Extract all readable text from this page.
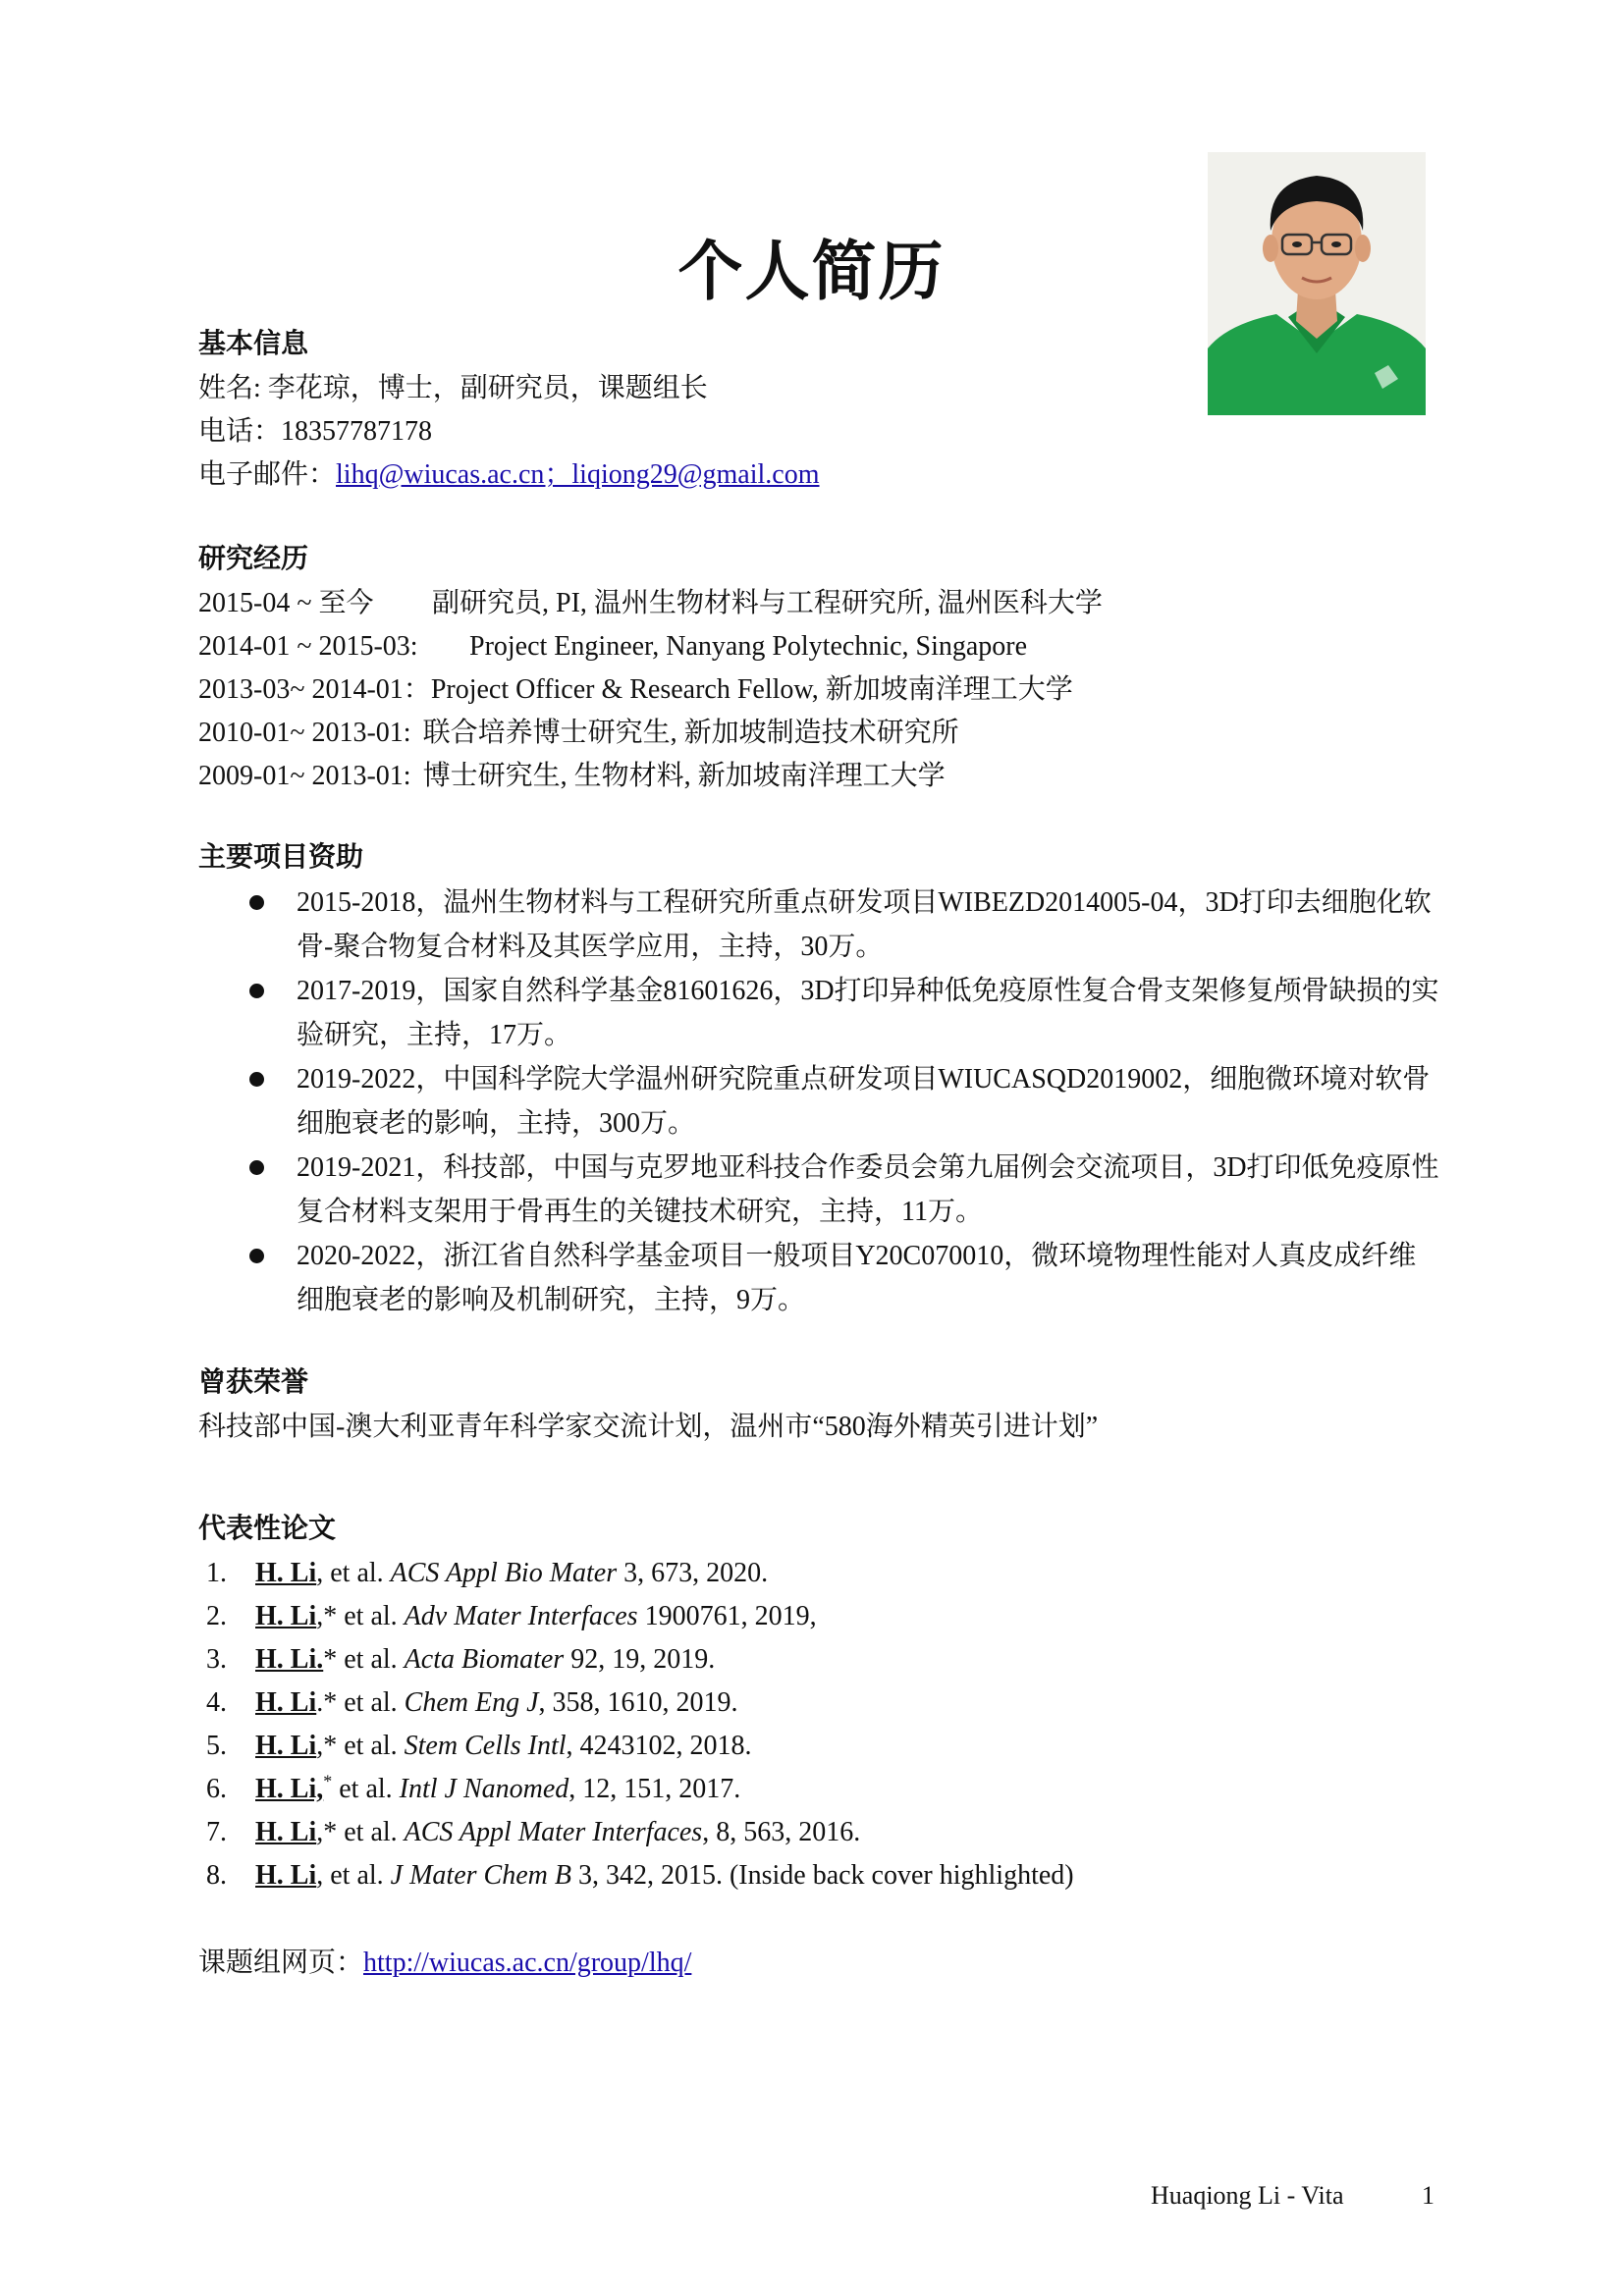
个人简历
基本信息
姓名: 李花琼，博士，副研究员，课题组长
电话：18357787178
电子邮件：lihq@wiucas.ac.cn；liqiong29@gmail.com
研究经历
2015-04 ~ 至今	副研究员, PI, 温州生物材料与工程研究所, 温州医科大学
2014-01 ~ 2015-03:	Project Engineer, Nanyang Polytechnic, Singapore
2013-03~ 2014-01： Project Officer & Research Fellow, 新加坡南洋理工大学
2010-01~ 2013-01: 联合培养博士研究生, 新加坡制造技术研究所
2009-01~ 2013-01: 博士研究生, 生物材料, 新加坡南洋理工大学
主要项目资助
2015-2018，温州生物材料与工程研究所重点研发项目WIBEZD2014005-04，3D打印去细胞化软骨-聚合物复合材料及其医学应用，主持，30万。
2017-2019，国家自然科学基金81601626，3D打印异种低免疫原性复合骨支架修复颅骨缺损的实验研究，主持，17万。
2019-2022，中国科学院大学温州研究院重点研发项目WIUCASQD2019002，细胞微环境对软骨细胞衰老的影响，主持，300万。
2019-2021，科技部，中国与克罗地亚科技合作委员会第九届例会交流项目，3D打印低免疫原性复合材料支架用于骨再生的关键技术研究，主持，11万。
2020-2022，浙江省自然科学基金项目一般项目Y20C070010，微环境物理性能对人真皮成纤维细胞衰老的影响及机制研究，主持，9万。
曾获荣誉
科技部中国-澳大利亚青年科学家交流计划，温州市“580海外精英引进计划”
代表性论文
1. H. Li, et al. ACS Appl Bio Mater 3, 673, 2020.
2. H. Li,* et al. Adv Mater Interfaces 1900761, 2019,
3. H. Li.* et al. Acta Biomater 92, 19, 2019.
4. H. Li.* et al. Chem Eng J, 358, 1610, 2019.
5. H. Li,* et al. Stem Cells Intl, 4243102, 2018.
6. H. Li,* et al. Intl J Nanomed, 12, 151, 2017.
7. H. Li,* et al. ACS Appl Mater Interfaces, 8, 563, 2016.
8. H. Li, et al. J Mater Chem B 3, 342, 2015. (Inside back cover highlighted)
课题组网页：http://wiucas.ac.cn/group/lhq/
Huaqiong Li - Vita	1
